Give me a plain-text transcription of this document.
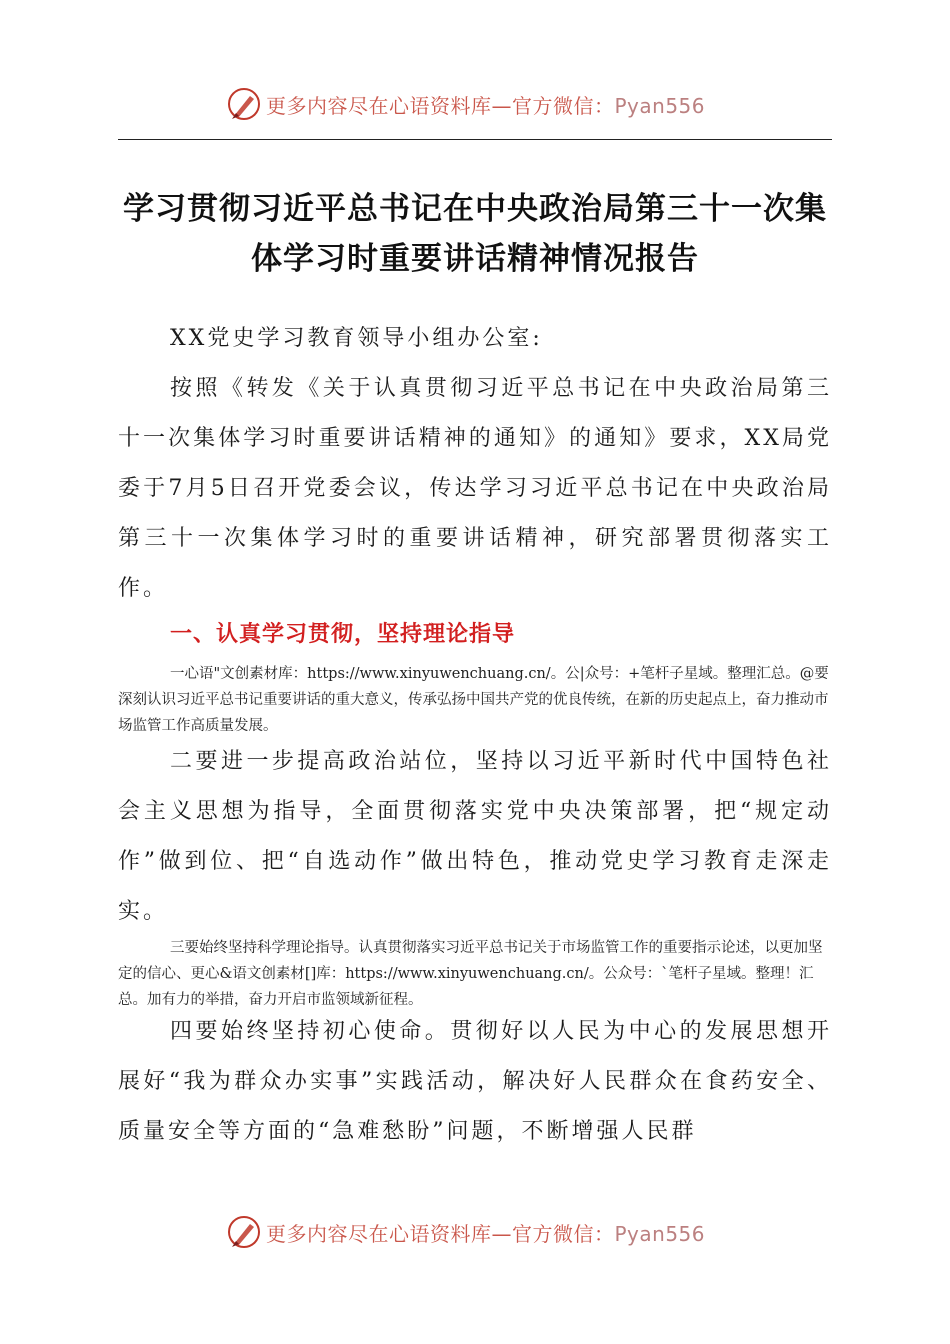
更多内容尽在心语资料库—官方微信：Pyan556
学习贯彻习近平总书记在中央政治局第三十一次集体学习时重要讲话精神情况报告

XX党史学习教育领导小组办公室:

按照《转发《关于认真贯彻习近平总书记在中央政治局第三十一次集体学习时重要讲话精神的通知》的通知》要求，XX局党委于7月5日召开党委会议，传达学习习近平总书记在中央政治局第三十一次集体学习时的重要讲话精神，研究部署贯彻落实工作。

一、认真学习贯彻，坚持理论指导

一心语"文创素材库：https://www.xinyuwenchuang.cn/。公|众号：+笔杆子星域。整理汇总。@要深刻认识习近平总书记重要讲话的重大意义，传承弘扬中国共产党的优良传统，在新的历史起点上，奋力推动市场监管工作高质量发展。

二要进一步提高政治站位，坚持以习近平新时代中国特色社会主义思想为指导，全面贯彻落实党中央决策部署，把“规定动作”做到位、把“自选动作”做出特色，推动党史学习教育走深走实。

三要始终坚持科学理论指导。认真贯彻落实习近平总书记关于市场监管工作的重要指示论述，以更加坚定的信心、更心&语文创素材[]库：https://www.xinyuwenchuang.cn/。公众号：`笔杆子星域。整理！汇总。加有力的举措，奋力开启市监领域新征程。

四要始终坚持初心使命。贯彻好以人民为中心的发展思想开展好“我为群众办实事”实践活动，解决好人民群众在食药安全、质量安全等方面的“急难愁盼”问题，不断增强人民群

更多内容尽在心语资料库—官方微信：Pyan556
